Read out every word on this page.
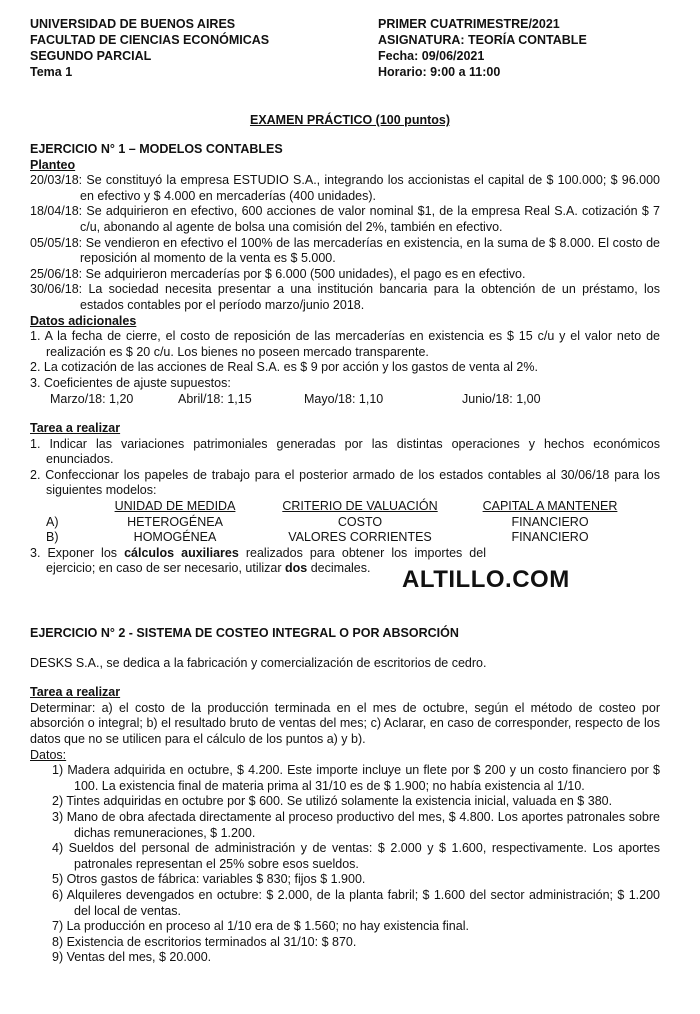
UNIVERSIDAD DE BUENOS AIRES
FACULTAD DE CIENCIAS ECONÓMICAS
SEGUNDO PARCIAL
Tema 1
PRIMER CUATRIMESTRE/2021
ASIGNATURA: TEORÍA CONTABLE
Fecha: 09/06/2021
Horario: 9:00 a 11:00
EXAMEN PRÁCTICO (100 puntos)
EJERCICIO N° 1 – MODELOS CONTABLES
Planteo
20/03/18: Se constituyó la empresa ESTUDIO S.A., integrando los accionistas el capital de $ 100.000; $ 96.000 en efectivo y $ 4.000 en mercaderías (400 unidades).
18/04/18: Se adquirieron en efectivo, 600 acciones de valor nominal $1, de la empresa Real S.A. cotización $ 7 c/u, abonando al agente de bolsa una comisión del 2%, también en efectivo.
05/05/18: Se vendieron en efectivo el 100% de las mercaderías en existencia, en la suma de $ 8.000. El costo de reposición al momento de la venta es $ 5.000.
25/06/18: Se adquirieron mercaderías por $ 6.000 (500 unidades), el pago es en efectivo.
30/06/18: La sociedad necesita presentar a una institución bancaria para la obtención de un préstamo, los estados contables por el período marzo/junio 2018.
Datos adicionales
1. A la fecha de cierre, el costo de reposición de las mercaderías en existencia es $ 15 c/u y el valor neto de realización es $ 20 c/u. Los bienes no poseen mercado transparente.
2. La cotización de las acciones de Real S.A. es $ 9 por acción y los gastos de venta al 2%.
3. Coeficientes de ajuste supuestos:
Marzo/18: 1,20	Abril/18: 1,15	Mayo/18: 1,10	Junio/18: 1,00
Tarea a realizar
1. Indicar las variaciones patrimoniales generadas por las distintas operaciones y hechos económicos enunciados.
2. Confeccionar los papeles de trabajo para el posterior armado de los estados contables al 30/06/18 para los siguientes modelos:
UNIDAD DE MEDIDA	CRITERIO DE VALUACIÓN	CAPITAL A MANTENER
A)	HETEROGÉNEA	COSTO	FINANCIERO
B)	HOMOGÉNEA	VALORES CORRIENTES	FINANCIERO
3. Exponer los cálculos auxiliares realizados para obtener los importes del ejercicio; en caso de ser necesario, utilizar dos decimales.	ALTILLO.COM
EJERCICIO N° 2 - SISTEMA DE COSTEO INTEGRAL O POR ABSORCIÓN
DESKS S.A., se dedica a la fabricación y comercialización de escritorios de cedro.
Tarea a realizar
Determinar: a) el costo de la producción terminada en el mes de octubre, según el método de costeo por absorción o integral; b) el resultado bruto de ventas del mes; c) Aclarar, en caso de corresponder, respecto de los datos que no se utilicen para el cálculo de los puntos a) y b).
Datos:
1) Madera adquirida en octubre, $ 4.200. Este importe incluye un flete por $ 200 y un costo financiero por $ 100. La existencia final de materia prima al 31/10 es de $ 1.900; no había existencia al 1/10.
2) Tintes adquiridas en octubre por $ 600. Se utilizó solamente la existencia inicial, valuada en $ 380.
3) Mano de obra afectada directamente al proceso productivo del mes, $ 4.800. Los aportes patronales sobre dichas remuneraciones, $ 1.200.
4) Sueldos del personal de administración y de ventas: $ 2.000 y $ 1.600, respectivamente. Los aportes patronales representan el 25% sobre esos sueldos.
5) Otros gastos de fábrica: variables $ 830; fijos $ 1.900.
6) Alquileres devengados en octubre: $ 2.000, de la planta fabril; $ 1.600 del sector administración; $ 1.200 del local de ventas.
7) La producción en proceso al 1/10 era de $ 1.560; no hay existencia final.
8) Existencia de escritorios terminados al 31/10: $ 870.
9) Ventas del mes, $ 20.000.
